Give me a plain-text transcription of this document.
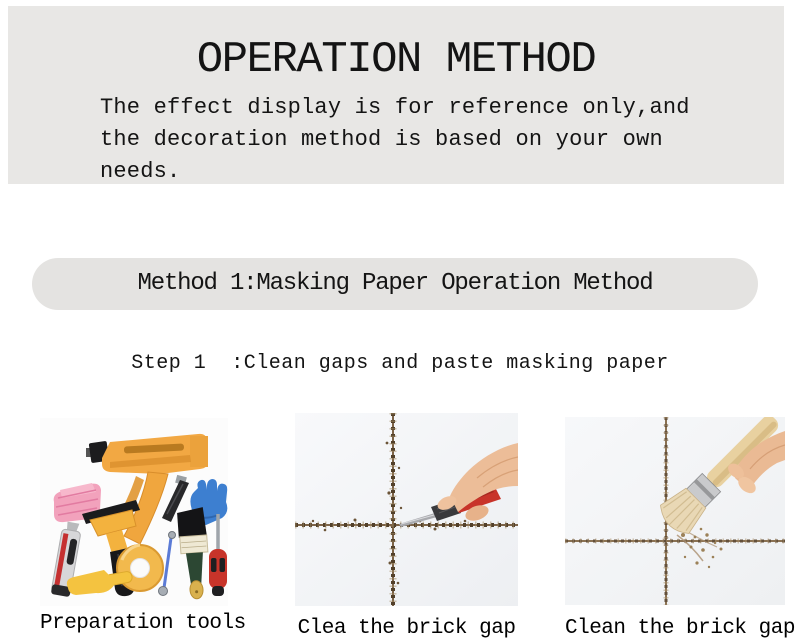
OPERATION METHOD
The effect display is for reference only,and
the decoration method is based on your own
needs.
Method 1:Masking Paper Operation Method
Step 1  :Clean gaps and paste masking paper
Preparation tools Clea the brick gap Clean the brick gap
